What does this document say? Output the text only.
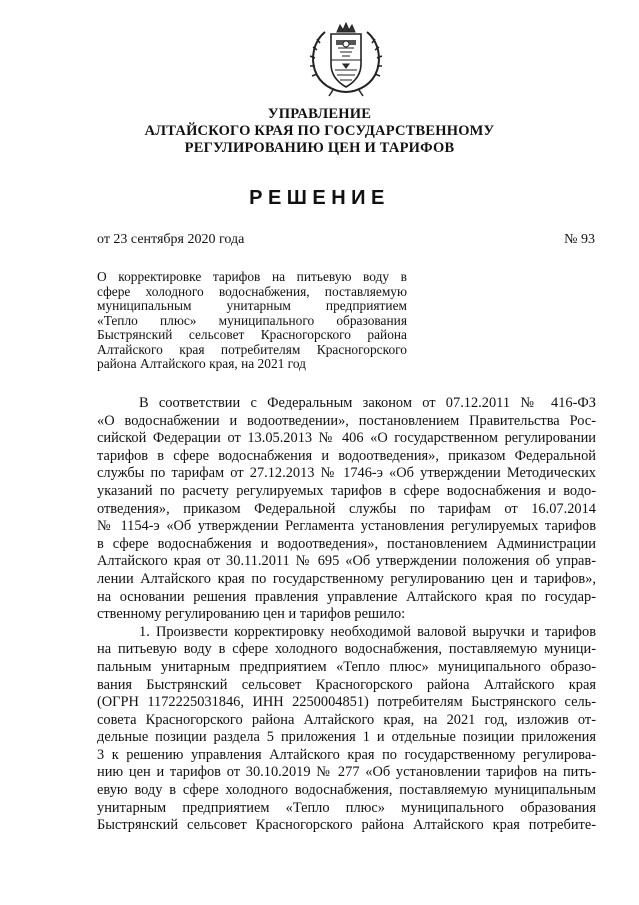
УПРАВЛЕНИЕ
АЛТАЙСКОГО КРАЯ ПО ГОСУДАРСТВЕННОМУ
РЕГУЛИРОВАНИЮ ЦЕН И ТАРИФОВ
РЕШЕНИЕ
от 23 сентября 2020 года	№ 93
О корректировке тарифов на питьевую воду в
сфере холодного водоснабжения, поставляемую
муниципальным унитарным предприятием
«Тепло плюс» муниципального образования
Быстрянский сельсовет Красногорского района
Алтайского края потребителям Красногорского
района Алтайского края, на 2021 год
В соответствии с Федеральным законом от 07.12.2011 № 416-ФЗ
«О водоснабжении и водоотведении», постановлением Правительства Рос-
сийской Федерации от 13.05.2013 № 406 «О государственном регулировании
тарифов в сфере водоснабжения и водоотведения», приказом Федеральной
службы по тарифам от 27.12.2013 № 1746-э «Об утверждении Методических
указаний по расчету регулируемых тарифов в сфере водоснабжения и водо-
отведения», приказом Федеральной службы по тарифам от 16.07.2014
№ 1154-э «Об утверждении Регламента установления регулируемых тарифов
в сфере водоснабжения и водоотведения», постановлением Администрации
Алтайского края от 30.11.2011 № 695 «Об утверждении положения об управ-
лении Алтайского края по государственному регулированию цен и тарифов»,
на основании решения правления управление Алтайского края по государ-
ственному регулированию цен и тарифов решило:
1. Произвести корректировку необходимой валовой выручки и тарифов
на питьевую воду в сфере холодного водоснабжения, поставляемую муници-
пальным унитарным предприятием «Тепло плюс» муниципального образо-
вания Быстрянский сельсовет Красногорского района Алтайского края
(ОГРН 1172225031846, ИНН 2250004851) потребителям Быстрянского сель-
совета Красногорского района Алтайского края, на 2021 год, изложив от-
дельные позиции раздела 5 приложения 1 и отдельные позиции приложения
3 к решению управления Алтайского края по государственному регулирова-
нию цен и тарифов от 30.10.2019 № 277 «Об установлении тарифов на пить-
евую воду в сфере холодного водоснабжения, поставляемую муниципальным
унитарным предприятием «Тепло плюс» муниципального образования
Быстрянский сельсовет Красногорского района Алтайского края потребите-
